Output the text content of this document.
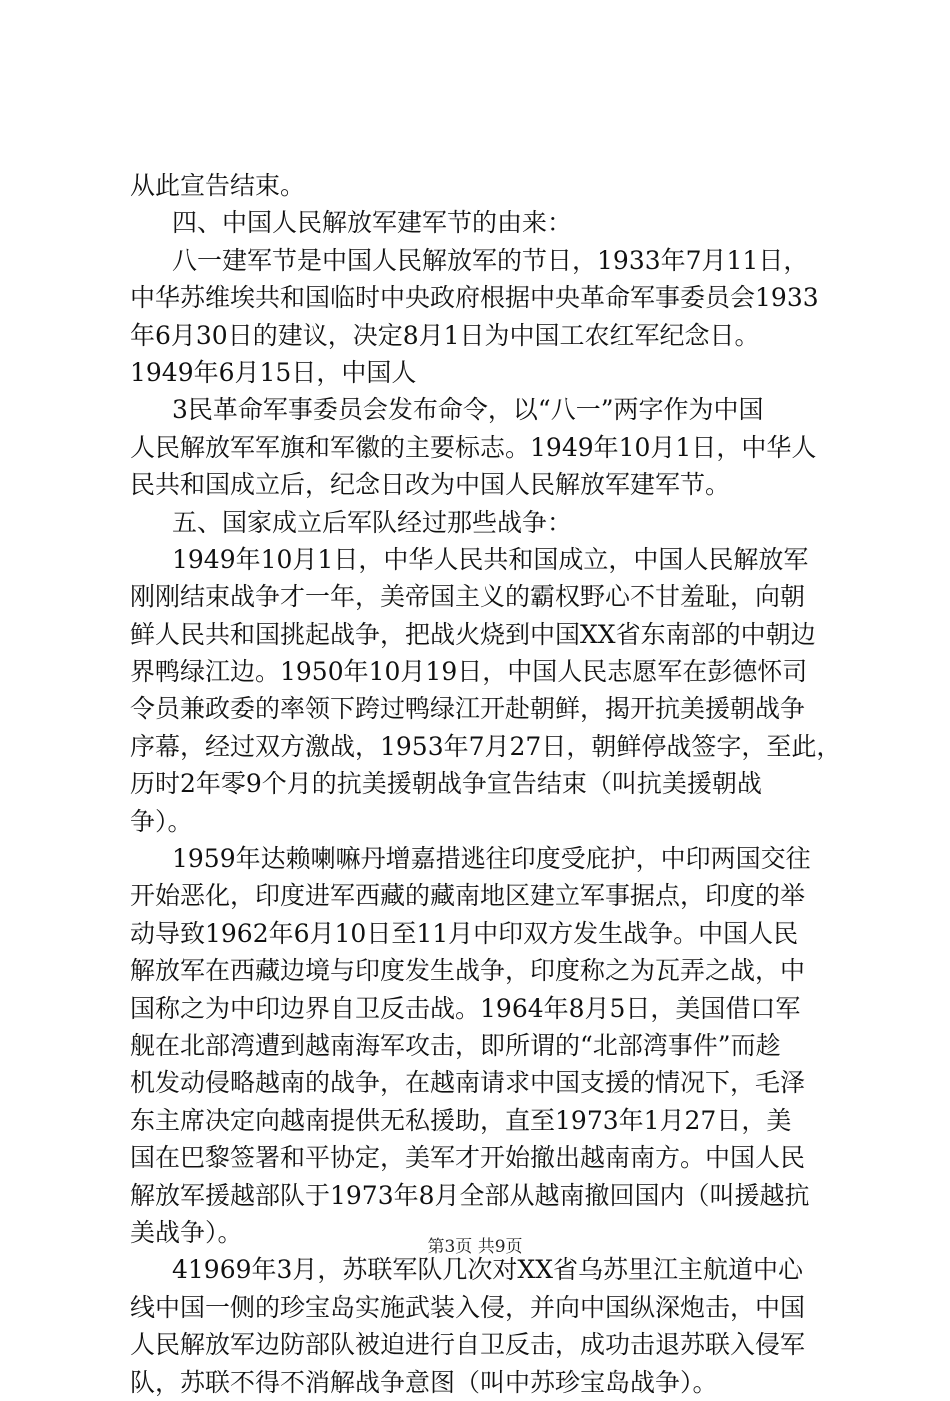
从此宣告结束。
四、中国人民解放军建军节的由来：
八一建军节是中国人民解放军的节日，1933年7月11日，
中华苏维埃共和国临时中央政府根据中央革命军事委员会1933
年6月30日的建议，决定8月1日为中国工农红军纪念日。
1949年6月15日，中国人
3民革命军事委员会发布命令，以“八一”两字作为中国
人民解放军军旗和军徽的主要标志。1949年10月1日，中华人
民共和国成立后，纪念日改为中国人民解放军建军节。
五、国家成立后军队经过那些战争：
1949年10月1日，中华人民共和国成立，中国人民解放军
刚刚结束战争才一年，美帝国主义的霸权野心不甘羞耻，向朝
鲜人民共和国挑起战争，把战火烧到中国XX省东南部的中朝边
界鸭绿江边。1950年10月19日，中国人民志愿军在彭德怀司
令员兼政委的率领下跨过鸭绿江开赴朝鲜，揭开抗美援朝战争
序幕，经过双方激战，1953年7月27日，朝鲜停战签字，至此，
历时2年零9个月的抗美援朝战争宣告结束（叫抗美援朝战
争）。
1959年达赖喇嘛丹增嘉措逃往印度受庇护，中印两国交往
开始恶化，印度进军西藏的藏南地区建立军事据点，印度的举
动导致1962年6月10日至11月中印双方发生战争。中国人民
解放军在西藏边境与印度发生战争，印度称之为瓦弄之战，中
国称之为中印边界自卫反击战。1964年8月5日，美国借口军
舰在北部湾遭到越南海军攻击，即所谓的“北部湾事件”而趁
机发动侵略越南的战争，在越南请求中国支援的情况下，毛泽
东主席决定向越南提供无私援助，直至1973年1月27日，美
国在巴黎签署和平协定，美军才开始撤出越南南方。中国人民
解放军援越部队于1973年8月全部从越南撤回国内（叫援越抗
美战争）。
41969年3月，苏联军队几次对XX省乌苏里江主航道中心
线中国一侧的珍宝岛实施武装入侵，并向中国纵深炮击，中国
人民解放军边防部队被迫进行自卫反击，成功击退苏联入侵军
队，苏联不得不消解战争意图（叫中苏珍宝岛战争）。
第3页 共9页
